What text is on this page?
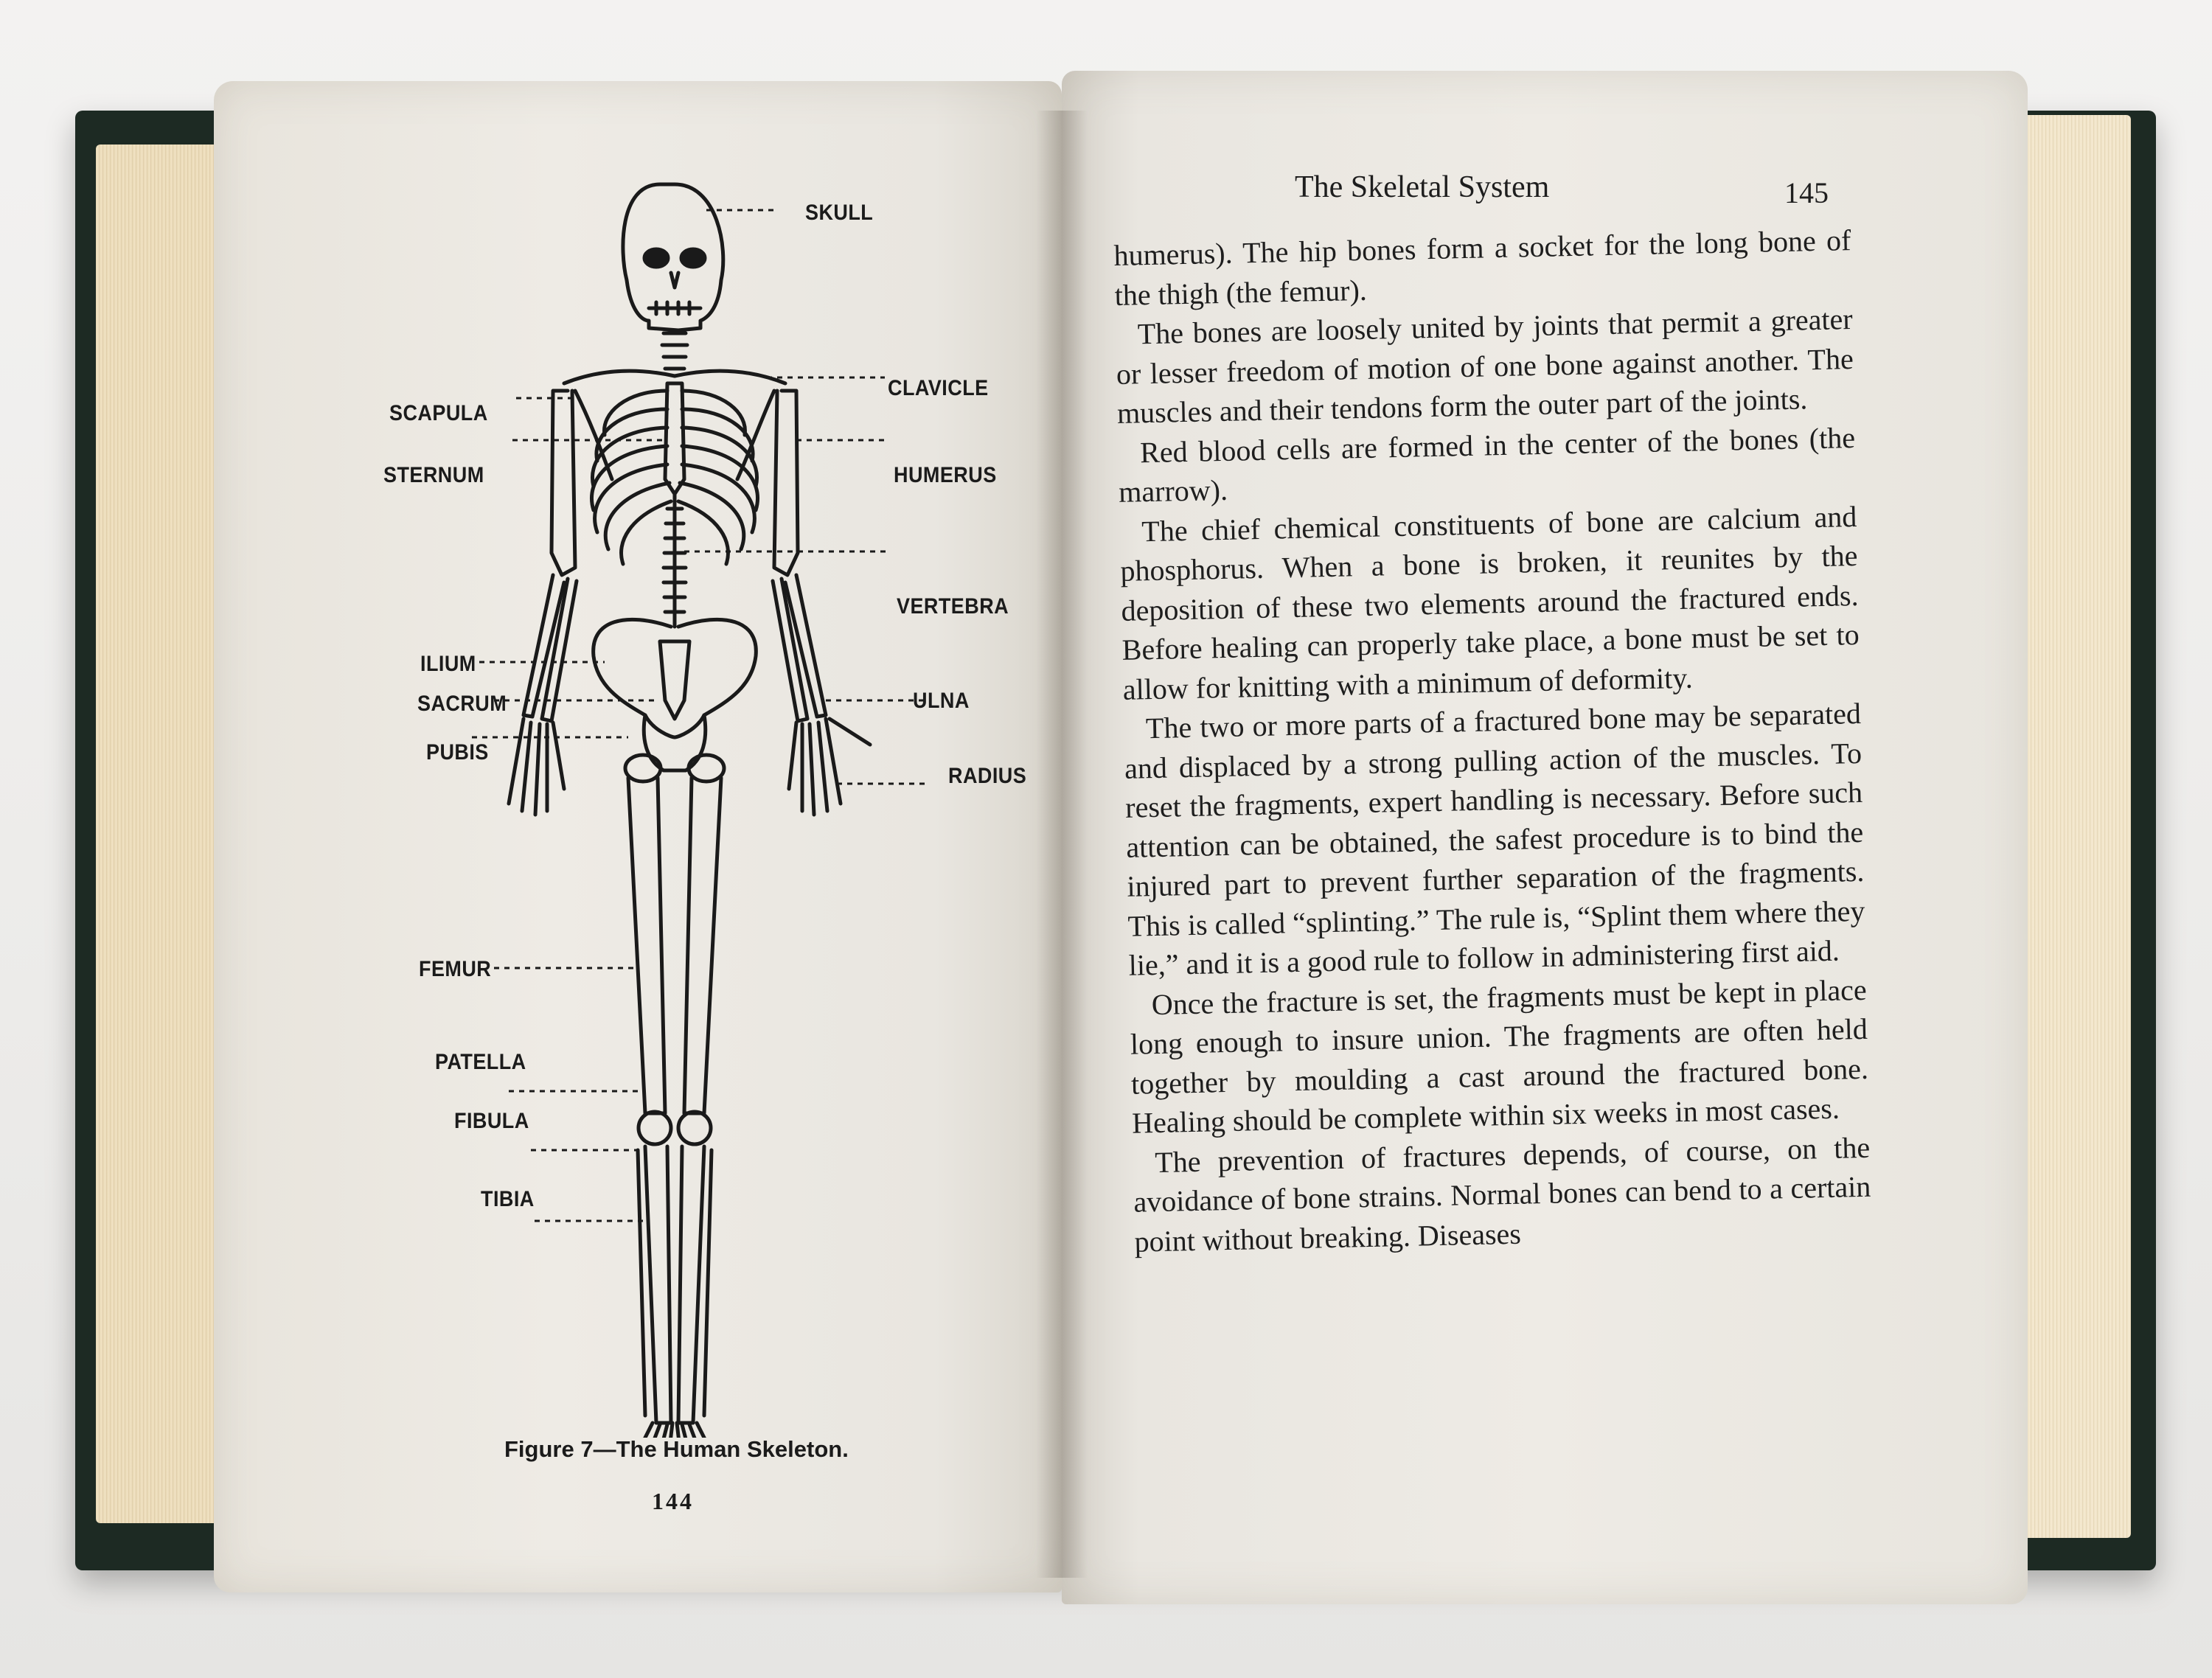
SKULL
CLAVICLE
SCAPULA
STERNUM	HUMERUS
VERTEBRA
ILIUM
SACRUM	ULNA
PUBIS
RADIUS
FEMUR
PATELLA
FIBULA
TIBIA
Figure 7—The Human Skeleton.
144
The Skeletal System	145

humerus). The hip bones form a socket for the long bone of the thigh (the femur).

The bones are loosely united by joints that permit a greater or lesser freedom of motion of one bone against another. The muscles and their tendons form the outer part of the joints.

Red blood cells are formed in the center of the bones (the marrow).

The chief chemical constituents of bone are calcium and phosphorus. When a bone is broken, it reunites by the deposition of these two elements around the fractured ends. Before healing can properly take place, a bone must be set to allow for knitting with a minimum of deformity.

The two or more parts of a fractured bone may be separated and displaced by a strong pulling action of the muscles. To reset the fragments, expert handling is necessary. Before such attention can be obtained, the safest procedure is to bind the injured part to prevent further separation of the fragments. This is called “splinting.” The rule is, “Splint them where they lie,” and it is a good rule to follow in administering first aid.

Once the fracture is set, the fragments must be kept in place long enough to insure union. The fragments are often held together by moulding a cast around the fractured bone. Healing should be complete within six weeks in most cases.

The prevention of fractures depends, of course, on the avoidance of bone strains. Normal bones can bend to a certain point without breaking. Diseases
